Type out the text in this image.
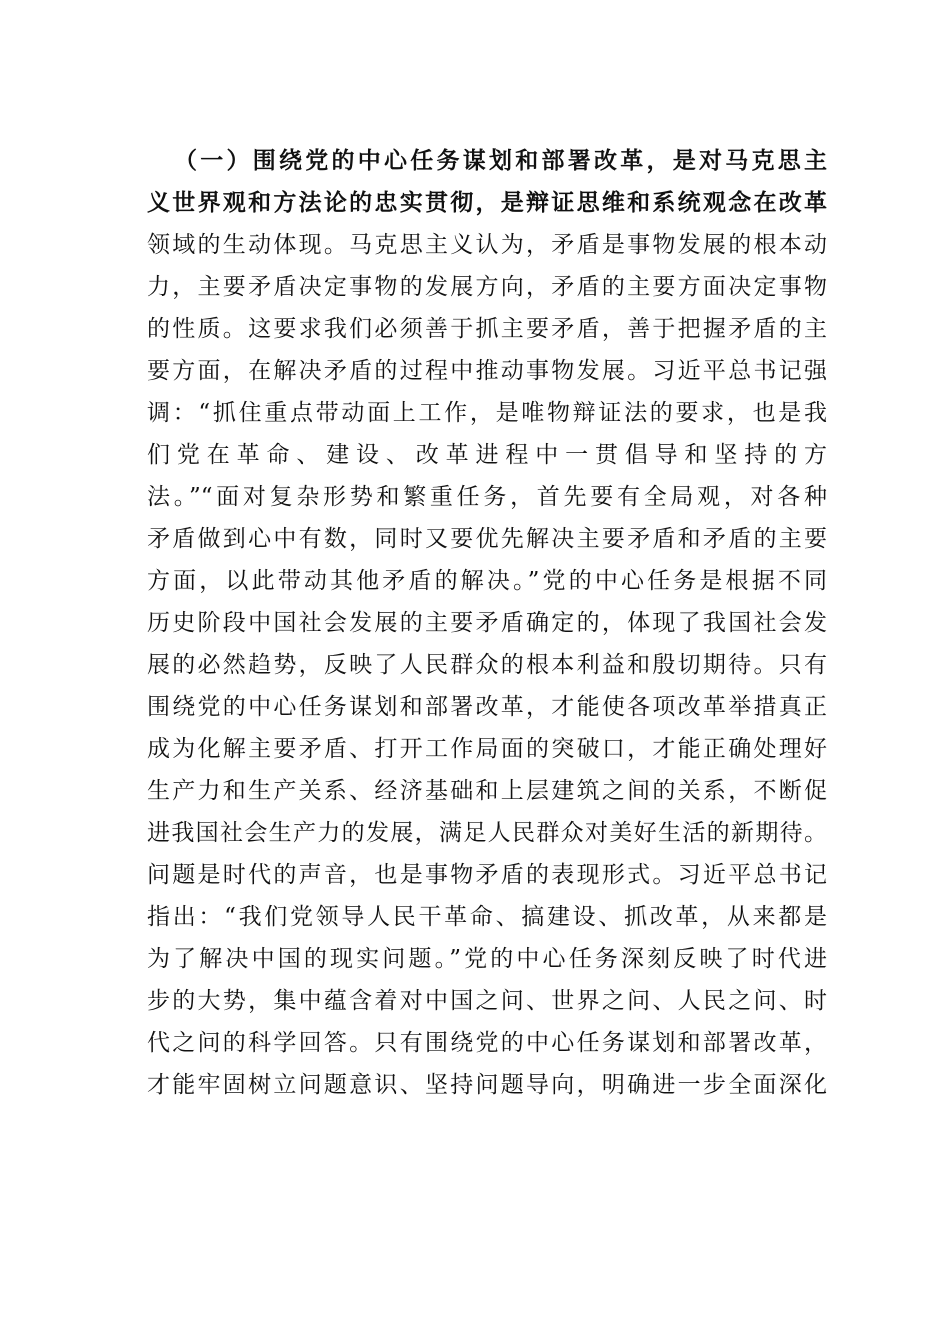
（一）围绕党的中心任务谋划和部署改革，是对马克思主
义世界观和方法论的忠实贯彻，是辩证思维和系统观念在改革
领域的生动体现。马克思主义认为，矛盾是事物发展的根本动
力，主要矛盾决定事物的发展方向，矛盾的主要方面决定事物
的性质。这要求我们必须善于抓主要矛盾，善于把握矛盾的主
要方面，在解决矛盾的过程中推动事物发展。习近平总书记强
调：“抓住重点带动面上工作，是唯物辩证法的要求，也是我
们党在革命、建设、改革进程中一贯倡导和坚持的方
法。”“面对复杂形势和繁重任务，首先要有全局观，对各种
矛盾做到心中有数，同时又要优先解决主要矛盾和矛盾的主要
方面，以此带动其他矛盾的解决。”党的中心任务是根据不同
历史阶段中国社会发展的主要矛盾确定的，体现了我国社会发
展的必然趋势，反映了人民群众的根本利益和殷切期待。只有
围绕党的中心任务谋划和部署改革，才能使各项改革举措真正
成为化解主要矛盾、打开工作局面的突破口，才能正确处理好
生产力和生产关系、经济基础和上层建筑之间的关系，不断促
进我国社会生产力的发展，满足人民群众对美好生活的新期待。
问题是时代的声音，也是事物矛盾的表现形式。习近平总书记
指出：“我们党领导人民干革命、搞建设、抓改革，从来都是
为了解决中国的现实问题。”党的中心任务深刻反映了时代进
步的大势，集中蕴含着对中国之问、世界之问、人民之问、时
代之问的科学回答。只有围绕党的中心任务谋划和部署改革，
才能牢固树立问题意识、坚持问题导向，明确进一步全面深化
